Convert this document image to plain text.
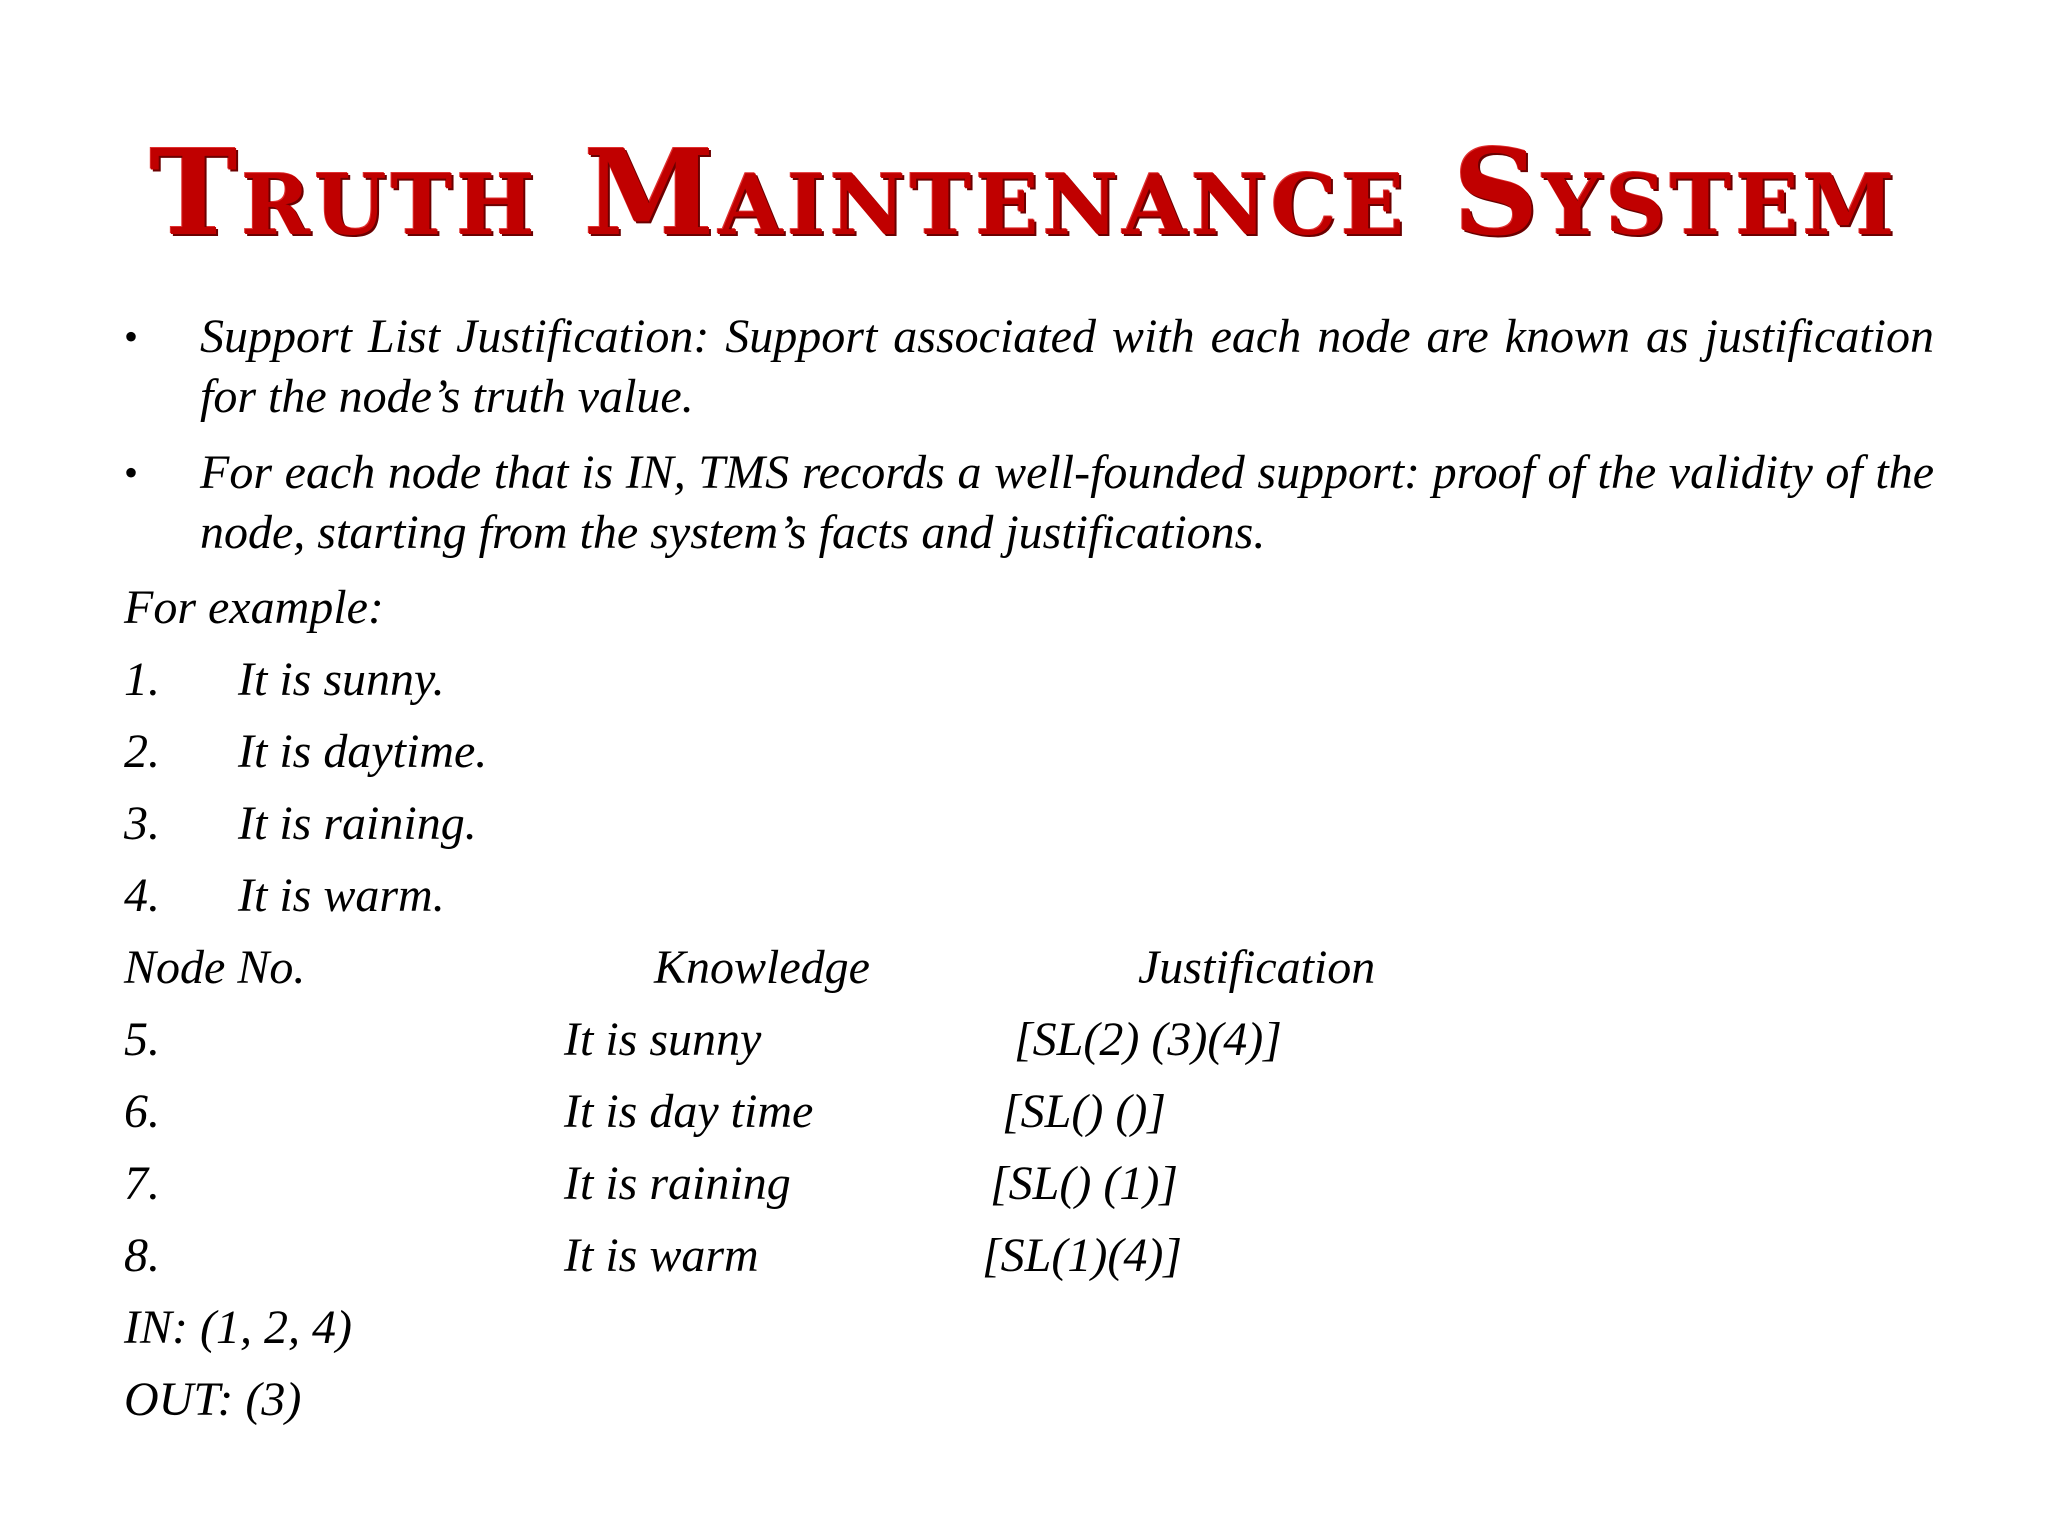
Truth Maintenance System
• Support List Justification: Support associated with each node are known as justification for the node’s truth value.
• For each node that is IN, TMS records a well-founded support: proof of the validity of the node, starting from the system’s facts and justifications.
For example:
1. It is sunny.
2. It is daytime.
3. It is raining.
4. It is warm.
Node No.	Knowledge	Justification
5.	It is sunny	[SL(2) (3)(4)]
6.	It is day time	[SL() ()]
7.	It is raining	[SL() (1)]
8.	It is warm	[SL(1)(4)]
IN: (1, 2, 4)
OUT: (3)
